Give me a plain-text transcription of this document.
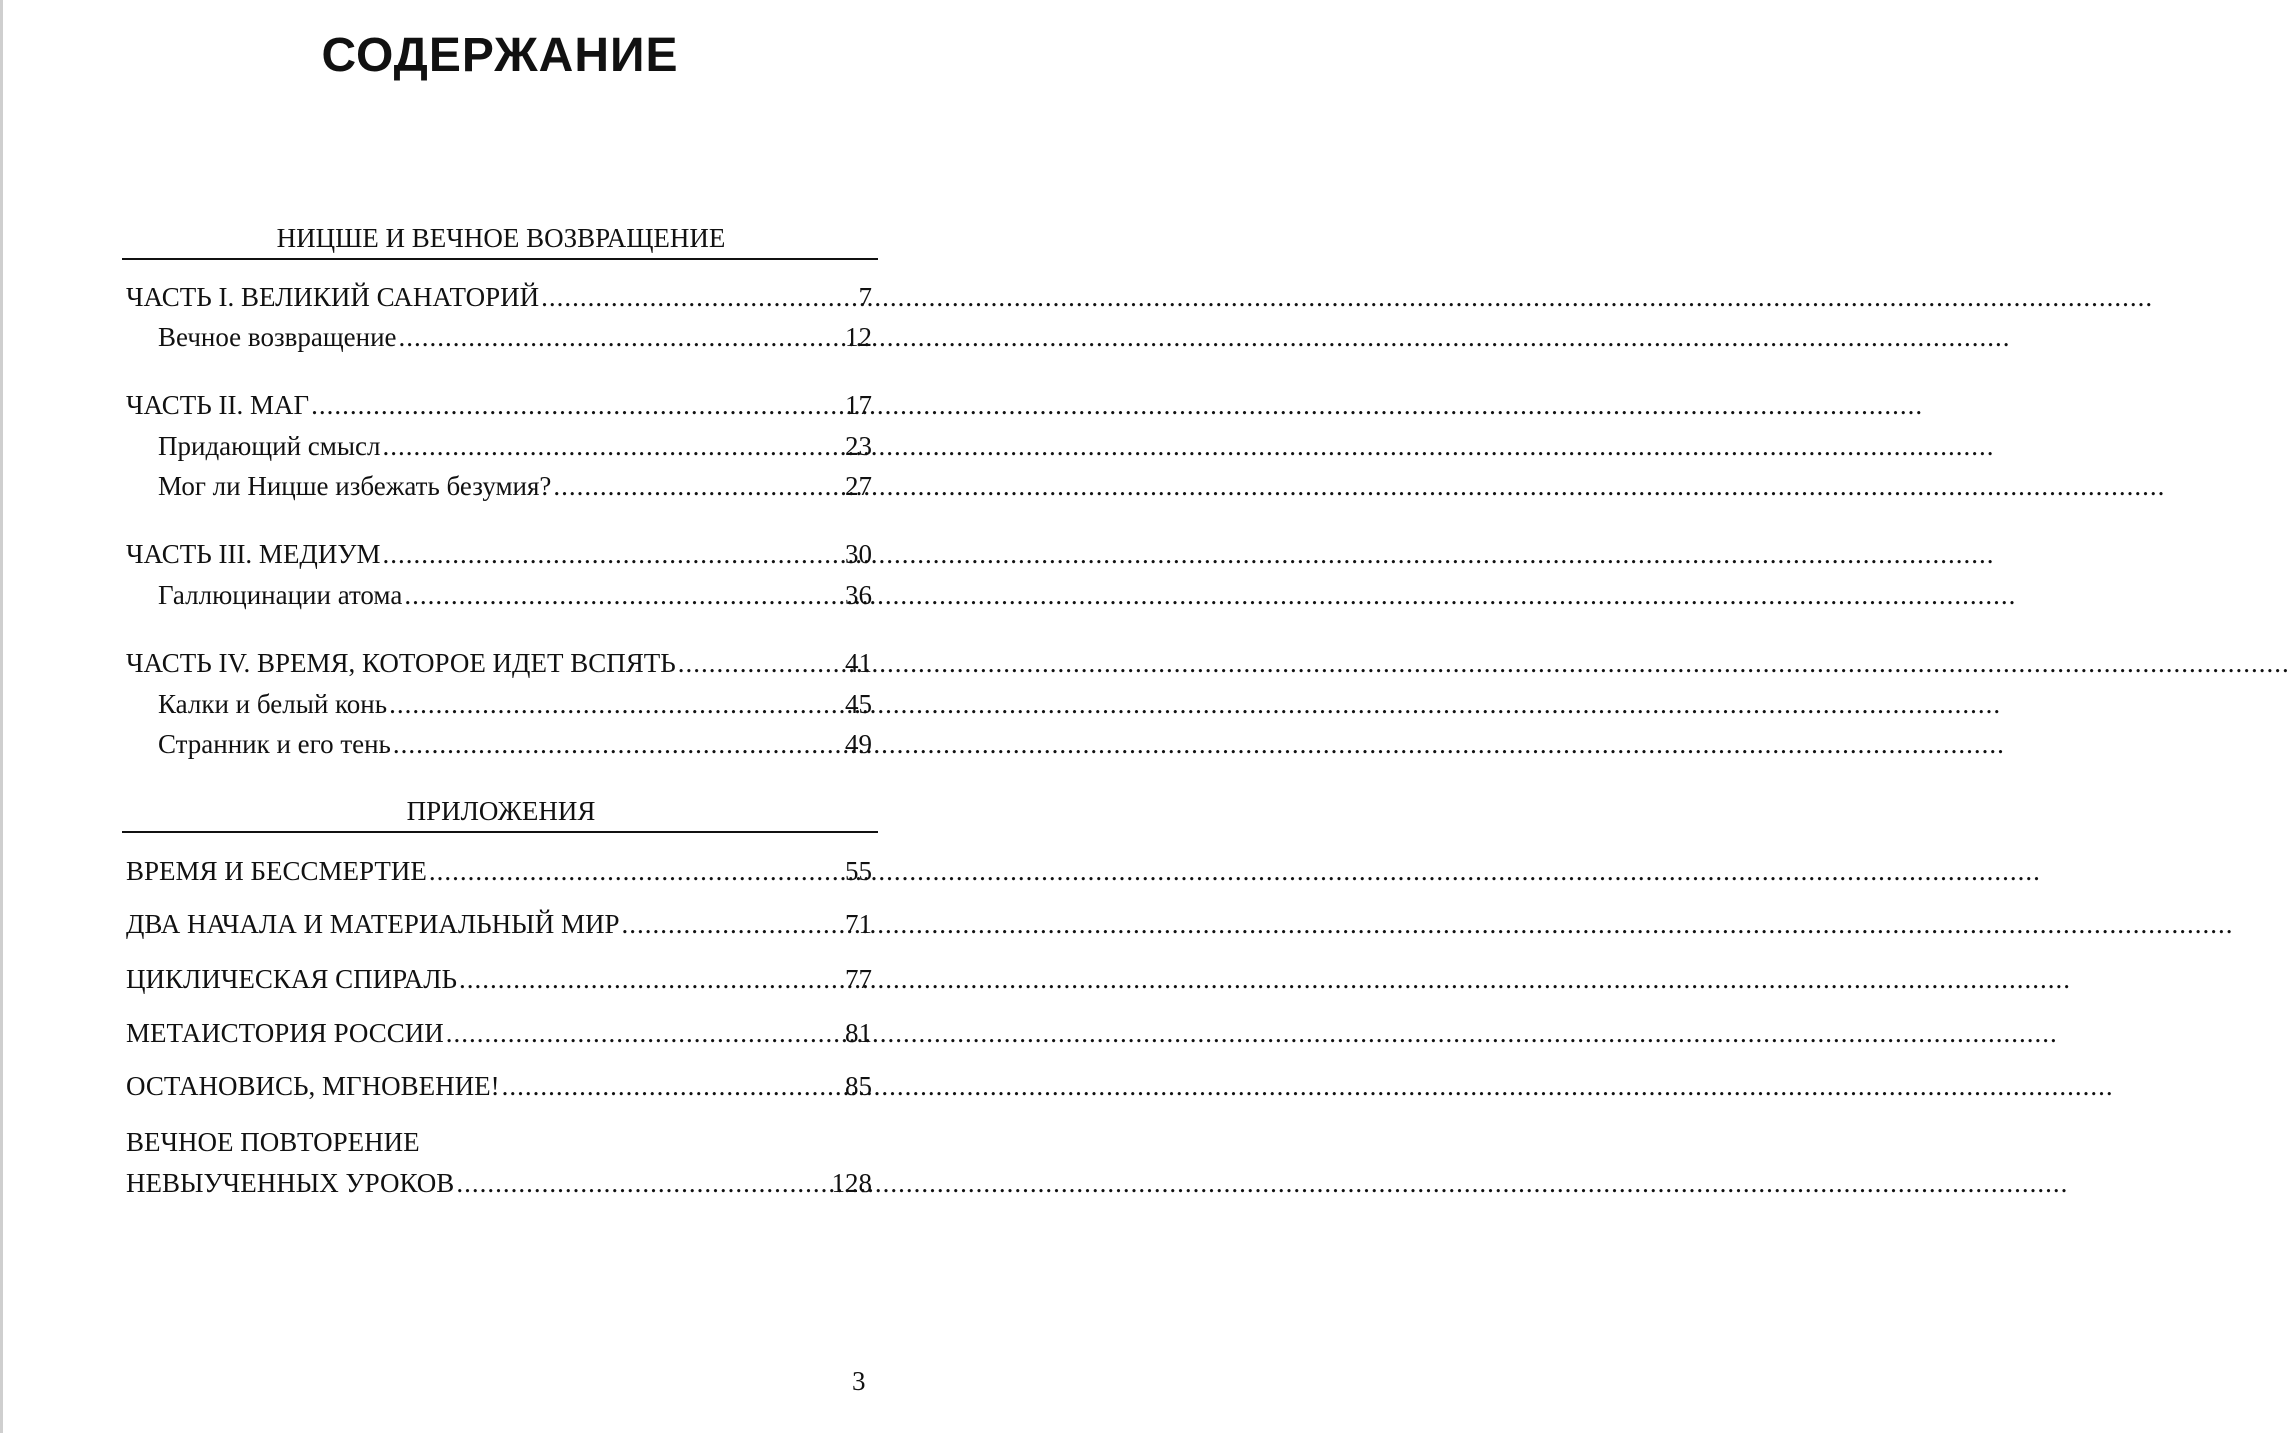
СОДЕРЖАНИЕ
НИЦШЕ И ВЕЧНОЕ ВОЗВРАЩЕНИЕ
ЧАСТЬ I. ВЕЛИКИЙ САНАТОРИЙ .....	7
Вечное возвращение .....	12
ЧАСТЬ II. МАГ .....	17
Придающий смысл .....	23
Мог ли Ницше избежать безумия? .....	27
ЧАСТЬ III. МЕДИУМ .....	30
Галлюцинации атома .....	36
ЧАСТЬ IV. ВРЕМЯ, КОТОРОЕ ИДЕТ ВСПЯТЬ .....	41
Калки и белый конь .....	45
Странник и его тень .....	49
ПРИЛОЖЕНИЯ
ВРЕМЯ И БЕССМЕРТИЕ .....	55
ДВА НАЧАЛА И МАТЕРИАЛЬНЫЙ МИР .....	71
ЦИКЛИЧЕСКАЯ СПИРАЛЬ .....	77
МЕТАИСТОРИЯ РОССИИ .....	81
ОСТАНОВИСЬ, МГНОВЕНИЕ! .....	85
ВЕЧНОЕ ПОВТОРЕНИЕ
НЕВЫУЧЕННЫХ УРОКОВ .....	128
3
